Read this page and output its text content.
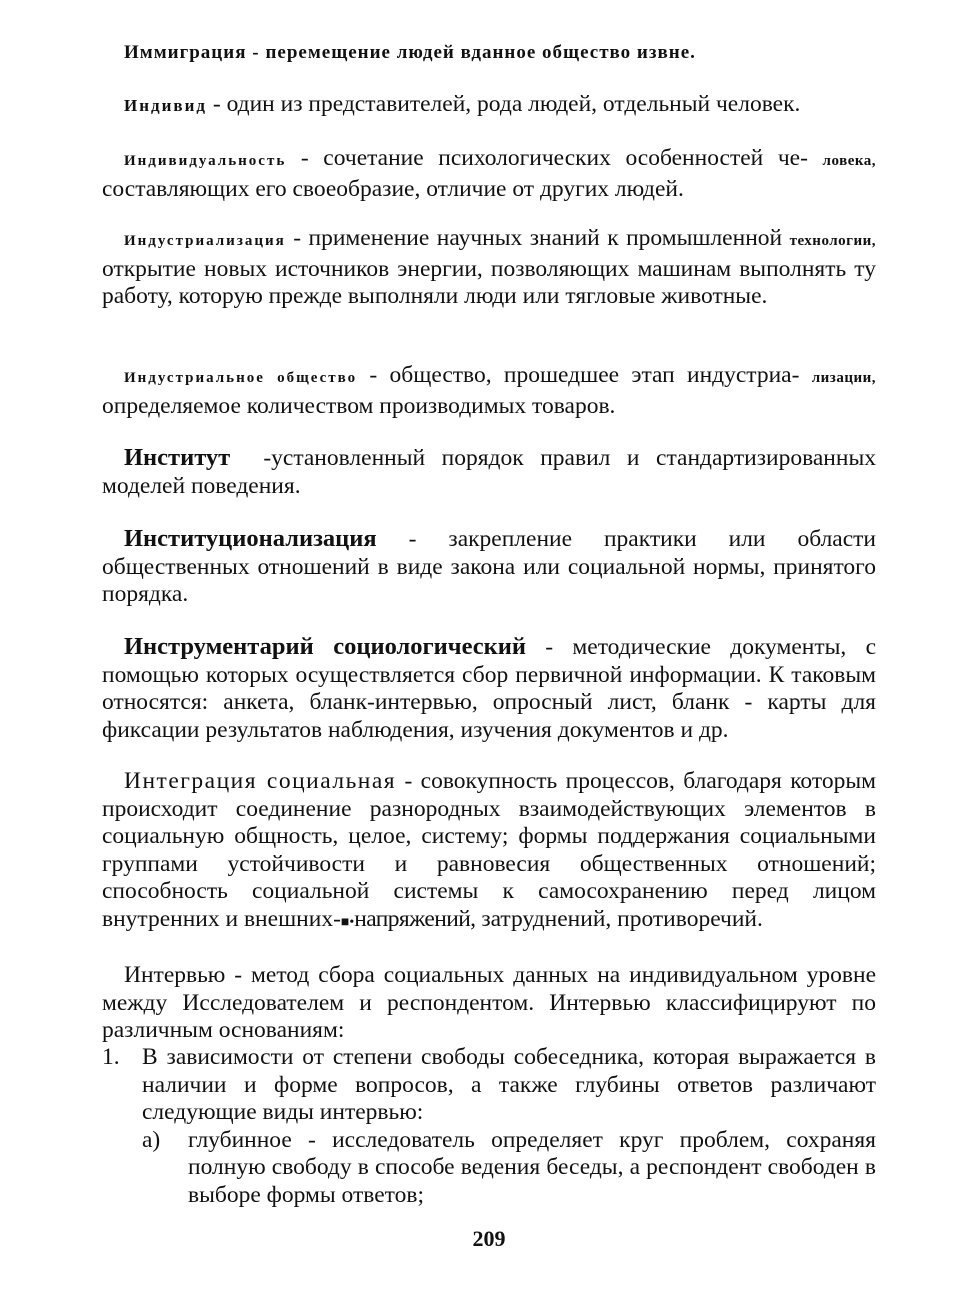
Иммиграция - перемещение людей вданное общество извне.

Индивид - один из представителей, рода людей, отдельный человек.

Индивидуальность - сочетание психологических особенностей че- ловека, составляющих его своеобразие, отличие от других людей.

Индустриализация - применение научных знаний к промышленной технологии, открытие новых источников энергии, позволяющих машинам выполнять ту работу, которую прежде выполняли люди или тягловые животные.

Индустриальное общество - общество, прошедшее этап индустриа- лизации, определяемое количеством производимых товаров.

Институт  -установленный порядок правил и стандартизированных моделей поведения.

Институционализация - закрепление практики или области общественных отношений в виде закона или социальной нормы, принятого порядка.

Инструментарий социологический - методические документы, с помощью которых осуществляется сбор первичной информации. К таковым относятся: анкета, бланк-интервью, опросный лист, бланк - карты для фиксации результатов наблюдения, изучения документов и др.

Интеграция социальная - совокупность процессов, благодаря которым происходит соединение разнородных взаимодействующих элементов в социальную общность, целое, систему; формы поддержания социальными группами устойчивости и равновесия общественных отношений; способность социальной системы к самосохранению перед лицом внутренних и внешних-■•напряжений, затруднений, противоречий.

Интервью - метод сбора социальных данных на индивидуальном уровне между Исследователем и респондентом. Интервью классифицируют по различным основаниям:

1. В зависимости от степени свободы собеседника, которая выражается в наличии и форме вопросов, а также глубины ответов различают следующие виды интервью:

а)	глубинное - исследователь определяет круг проблем, сохраняя полную свободу в способе ведения беседы, а респондент свободен в выборе формы ответов;

209
